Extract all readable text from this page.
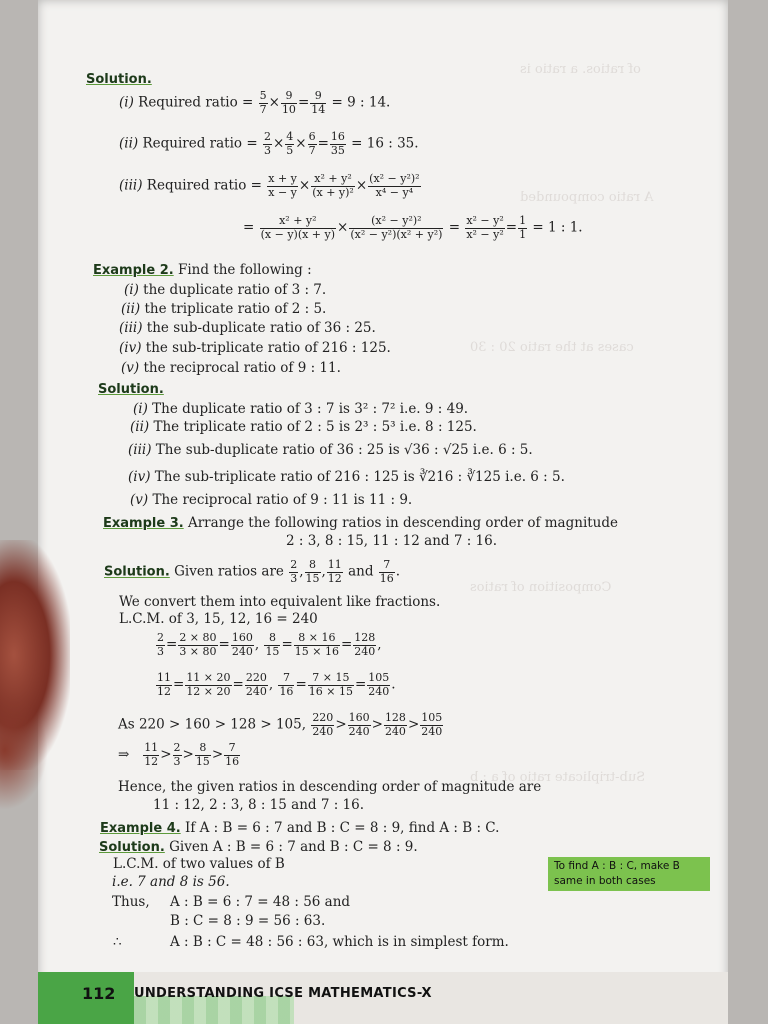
of ratios. a ratio is
A ratio compounded
cases at the ratio 20 : 30
Composition of ratios
Sub-triplicate ratio of a : b
Solution.
(i) Required ratio = $\frac{5}{7} \times \frac{9}{10} = \frac{9}{14} = 9$ : 14.
(ii) Required ratio = $\frac{2}{3} \times \frac{4}{5} \times \frac{6}{7} = \frac{16}{35} = 16$ : 35.
(iii) Required ratio = $\frac{x + y}{x - y} \times \frac{\text{x² + y²}}{\text{(x + y)²}} \times \frac{\text{(x² − y²)²}}{\text{x⁴ − y⁴}}$
= $\frac{\text{x² + y²}}{(x - y)(x + y)} \times \frac{\text{(x² − y²)²}}{\text{(x² − y²)(x² + y²)}} = \frac{\text{x² − y²}}{\text{x² − y²}} = \frac{1}{1} = 1$ : 1.
Example 2. Find the following :
(i) the duplicate ratio of 3 : 7.
(ii) the triplicate ratio of 2 : 5.
(iii) the sub-duplicate ratio of 36 : 25.
(iv) the sub-triplicate ratio of 216 : 125.
(v) the reciprocal ratio of 9 : 11.
Solution.
(i) The duplicate ratio of 3 : 7 is 3² : 7² i.e. 9 : 49.
(ii) The triplicate ratio of 2 : 5 is 2³ : 5³ i.e. 8 : 125.
(iii) The sub-duplicate ratio of 36 : 25 is √36 : √25 i.e. 6 : 5.
(iv) The sub-triplicate ratio of 216 : 125 is ∛216 : ∛125 i.e. 6 : 5.
(v) The reciprocal ratio of 9 : 11 is 11 : 9.
Example 3. Arrange the following ratios in descending order of magnitude
2 : 3, 8 : 15, 11 : 12 and 7 : 16.
Solution. Given ratios are $\frac{2}{3}$ , $\frac{8}{15}$ , $\frac{11}{12}$ and $\frac{7}{16}$ .
We convert them into equivalent like fractions.
L.C.M. of 3, 15, 12, 16 = 240
$\frac{2}{3} = \frac{2 \times 80}{3 \times 80} = \frac{160}{240}$ , $\frac{8}{15} = \frac{8 \times 16}{15 \times 16} = \frac{128}{240}$ ,
$\frac{11}{12} = \frac{11 \times 20}{12 \times 20} = \frac{220}{240}$ , $\frac{7}{16} = \frac{7 \times 15}{16 \times 15} = \frac{105}{240}$ .
As 220 > 160 > 128 > 105, $\frac{220}{240} > \frac{160}{240} > \frac{128}{240} > \frac{105}{240}$
⇒ $\frac{11}{12} > \frac{2}{3} > \frac{8}{15} > \frac{7}{16}$
Hence, the given ratios in descending order of magnitude are
11 : 12, 2 : 3, 8 : 15 and 7 : 16.
Example 4. If A : B = 6 : 7 and B : C = 8 : 9, find A : B : C.
Solution. Given A : B = 6 : 7 and B : C = 8 : 9.
L.C.M. of two values of B
i.e. 7 and 8 is 56.
Thus, A : B = 6 : 7 = 48 : 56 and
B : C = 8 : 9 = 56 : 63.
∴	A : B : C = 48 : 56 : 63, which is in simplest form.
To find A : B : C, make B same in both cases
112 UNDERSTANDING ICSE MATHEMATICS-X
